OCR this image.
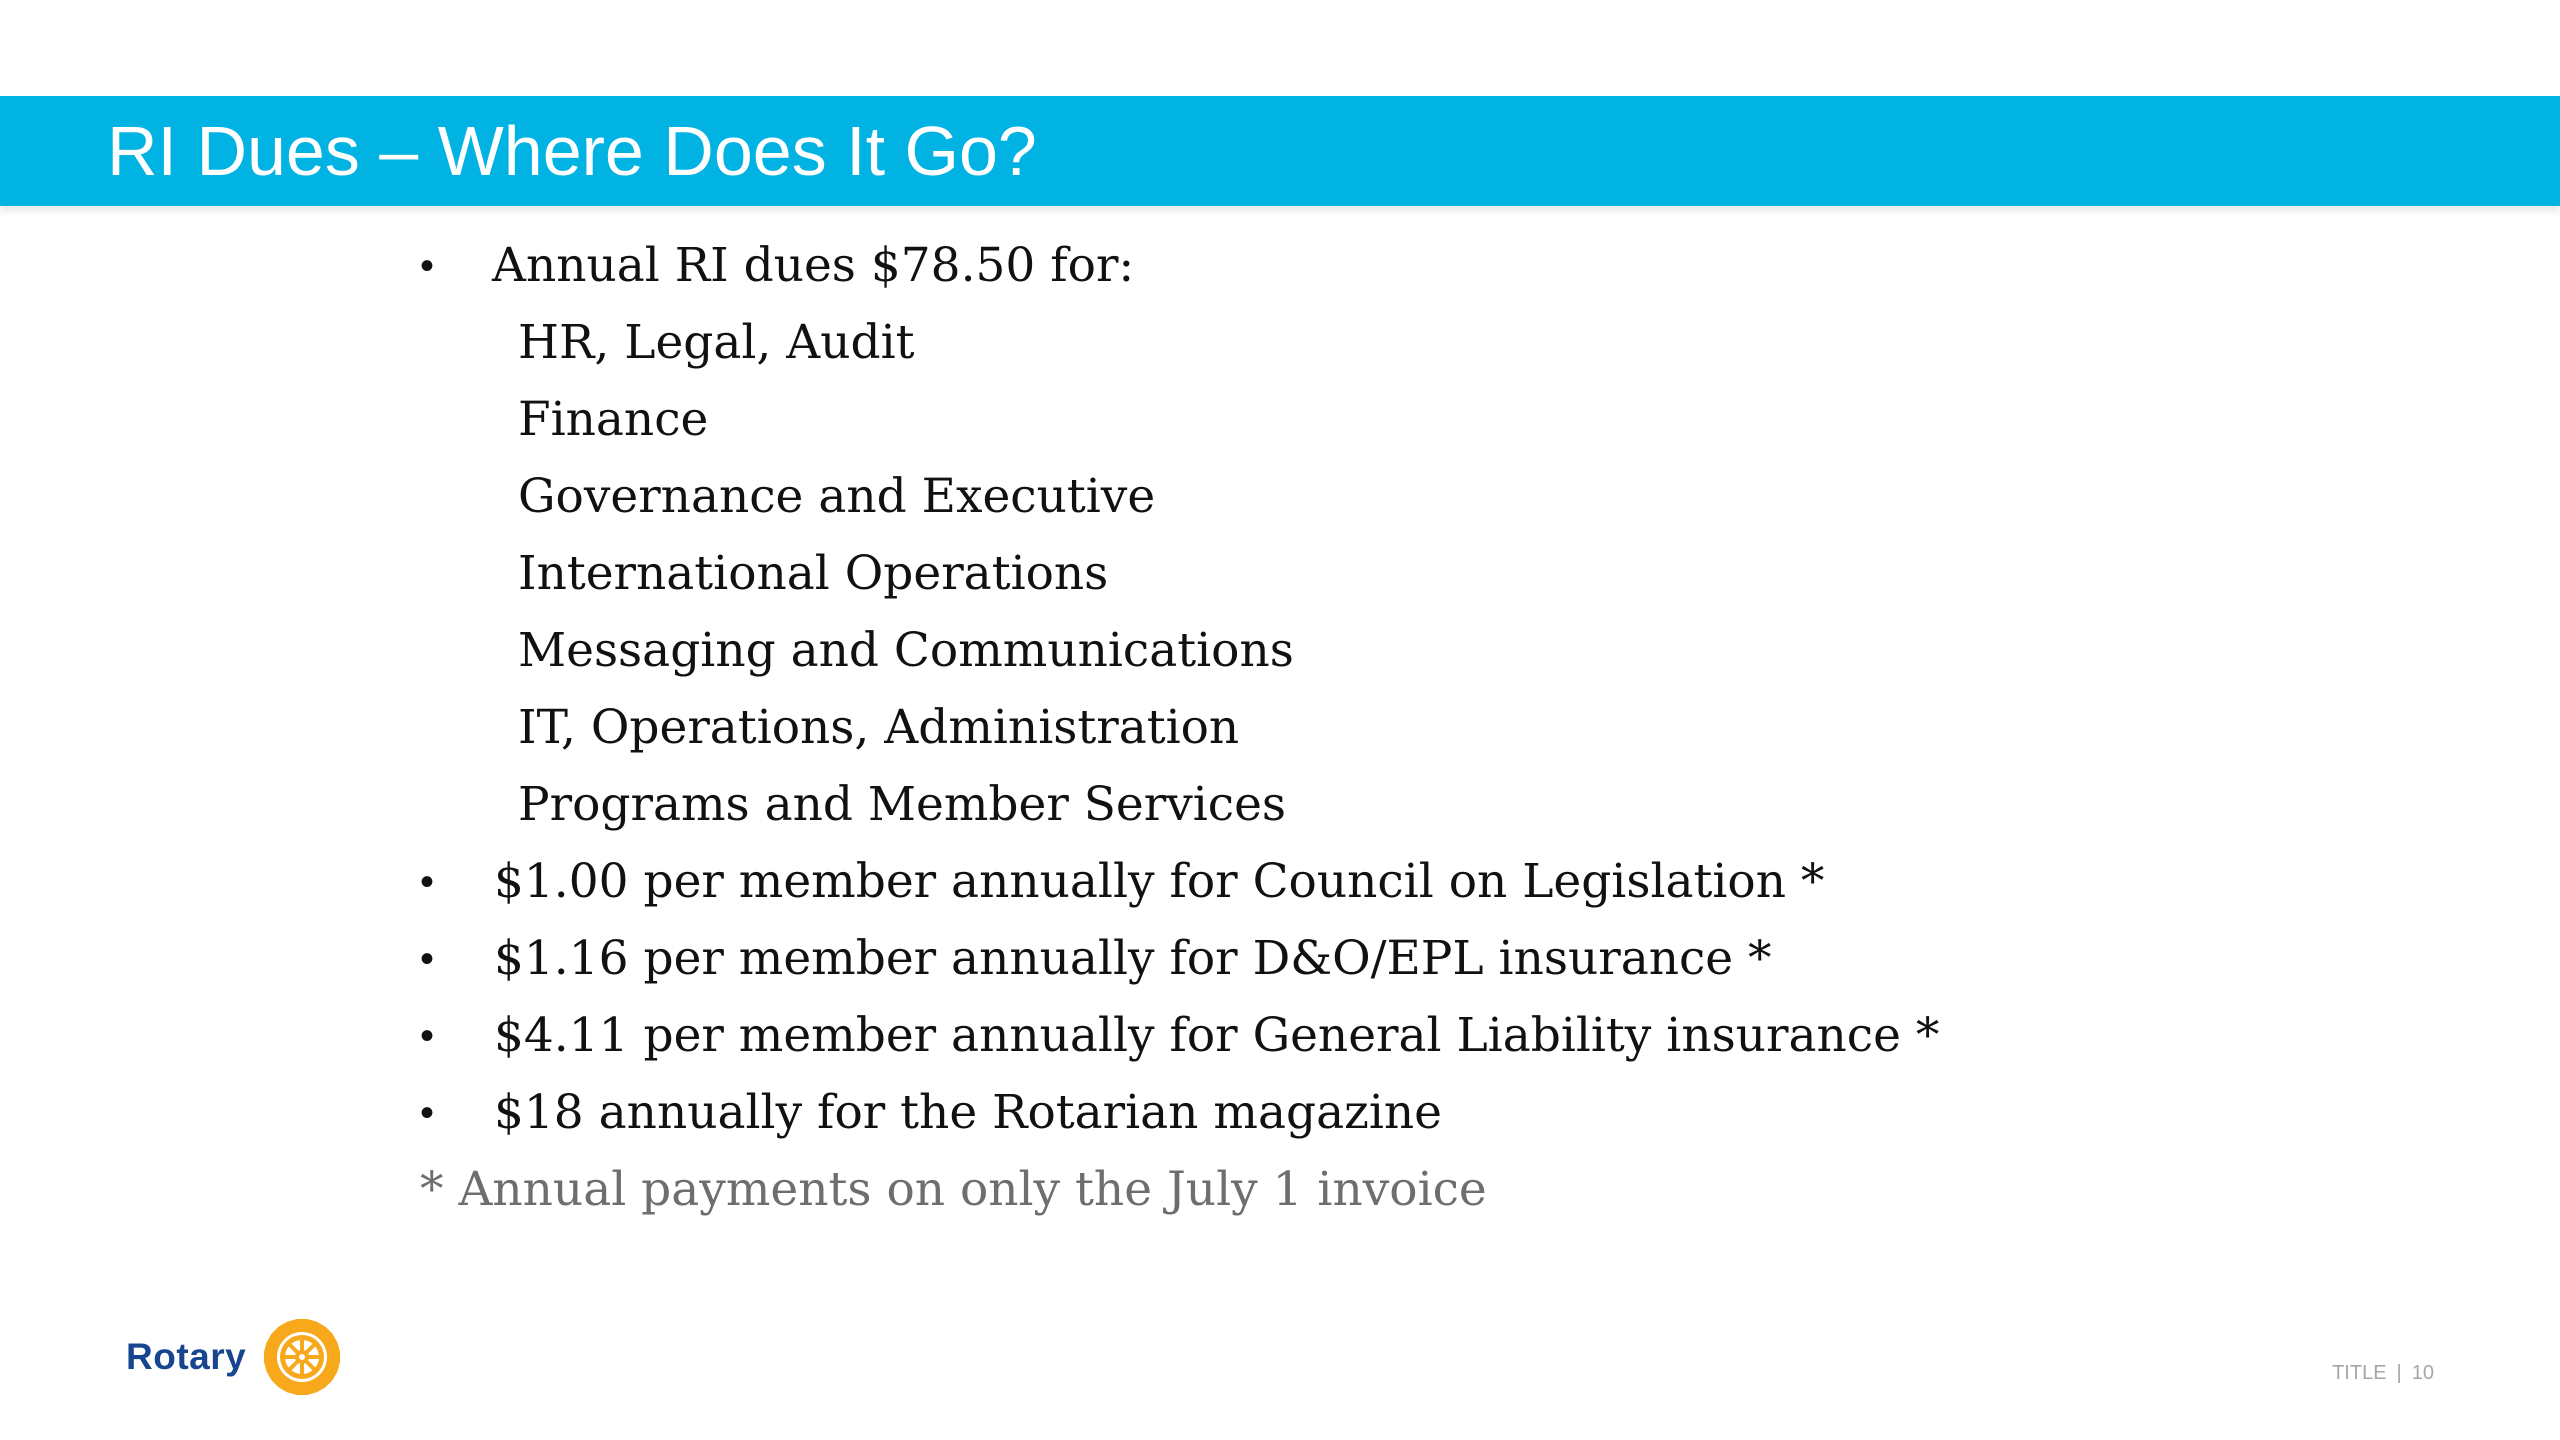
RI Dues – Where Does It Go?
• Annual RI dues $78.50 for:
HR, Legal, Audit
Finance
Governance and Executive
International Operations
Messaging and Communications
IT, Operations, Administration
Programs and Member Services
• $1.00 per member annually for Council on Legislation *
• $1.16 per member annually for D&O/EPL insurance *
• $4.11 per member annually for General Liability insurance *
• $18 annually for the Rotarian magazine
* Annual payments on only the July 1 invoice
Rotary	TITLE | 10
